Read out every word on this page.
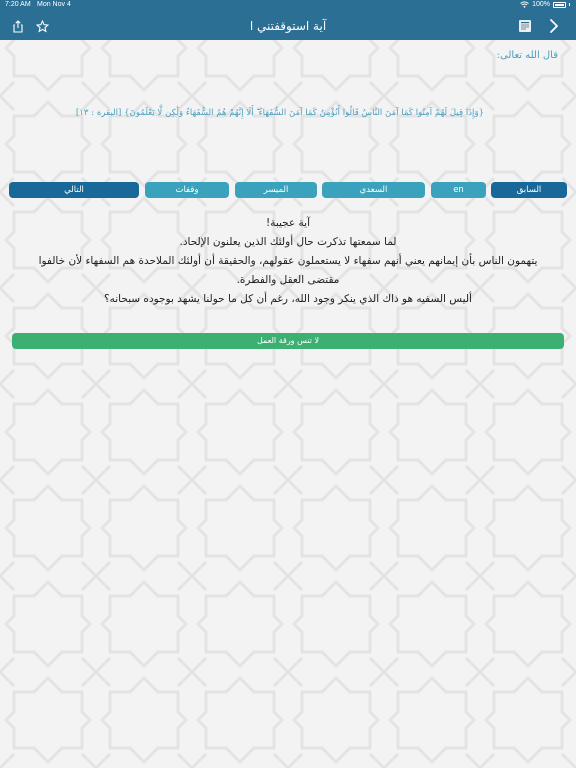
7:20 AM Mon Nov 4	100%
آية استوقفتني ا
قال الله تعالى:
{وَإِذَا قِيلَ لَهُمْ آمِنُوا كَمَا آمَنَ النَّاسُ قَالُوا أَنُؤْمِنُ كَمَا آمَنَ السُّفَهَاءُ ۗ أَلَا إِنَّهُمْ هُمُ السُّفَهَاءُ وَلَٰكِن لَّا يَعْلَمُونَ} [البقرة : ١٣]
التالي	وقفات	الميسر	السعدي	en	السابق

آية عجيبة!

لما سمعتها تذكرت حال أولئك الذين يعلنون الإلحاد.

يتهمون الناس بأن إيمانهم يعني أنهم سفهاء لا يستعملون عقولهم، والحقيقة أن أولئك الملاحدة هم السفهاء لأن خالفوا مقتضى العقل والفطرة.

أليس السفيه هو ذاك الذي ينكر وجود الله، رغم أن كل ما حولنا يشهد بوجوده سبحانه؟

لا تنس ورقة العمل
